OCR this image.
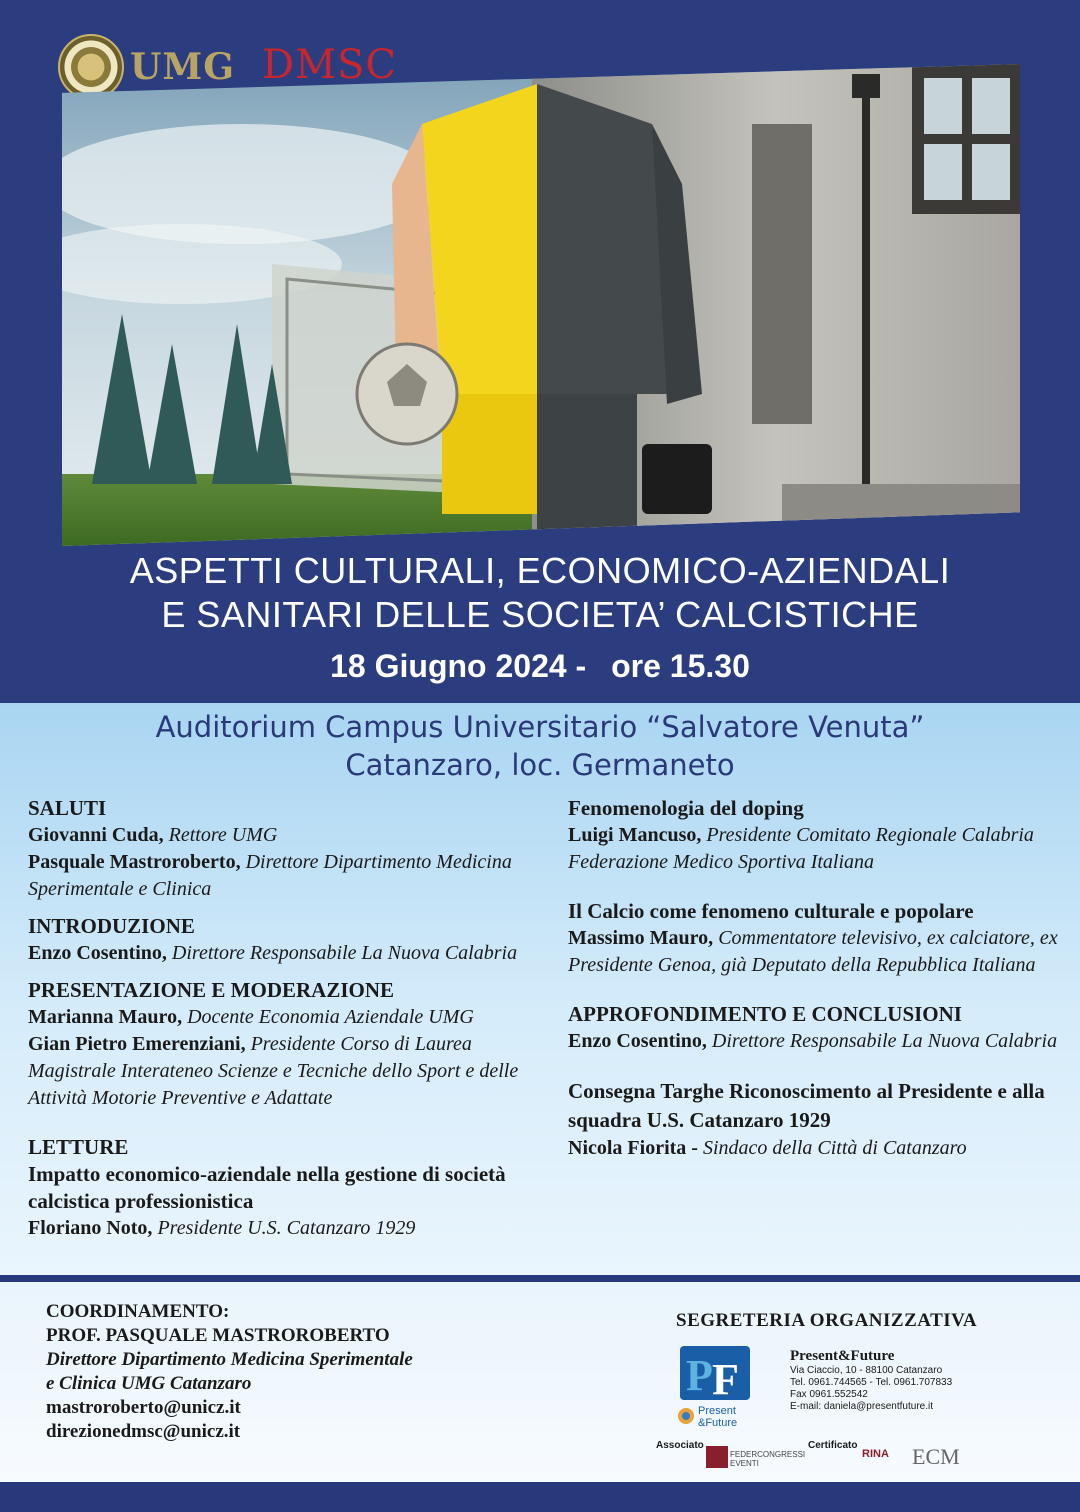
UMG DMSC
ASPETTI CULTURALI, ECONOMICO-AZIENDALI
E SANITARI DELLE SOCIETA’ CALCISTICHE
18 Giugno 2024 - ore 15.30
Auditorium Campus Universitario “Salvatore Venuta”
Catanzaro, loc. Germaneto
SALUTI
Giovanni Cuda, Rettore UMG
Pasquale Mastroroberto, Direttore Dipartimento Medicina Sperimentale e Clinica
INTRODUZIONE
Enzo Cosentino, Direttore Responsabile La Nuova Calabria
PRESENTAZIONE E MODERAZIONE
Marianna Mauro, Docente Economia Aziendale UMG
Gian Pietro Emerenziani, Presidente Corso di Laurea Magistrale Interateneo Scienze e Tecniche dello Sport e delle Attività Motorie Preventive e Adattate
LETTURE
Impatto economico-aziendale nella gestione di società calcistica professionistica
Floriano Noto, Presidente U.S. Catanzaro 1929
Fenomenologia del doping
Luigi Mancuso, Presidente Comitato Regionale Calabria Federazione Medico Sportiva Italiana
Il Calcio come fenomeno culturale e popolare
Massimo Mauro, Commentatore televisivo, ex calciatore, ex Presidente Genoa, già Deputato della Repubblica Italiana
APPROFONDIMENTO E CONCLUSIONI
Enzo Cosentino, Direttore Responsabile La Nuova Calabria
Consegna Targhe Riconoscimento al Presidente e alla squadra U.S. Catanzaro 1929
Nicola Fiorita - Sindaco della Città di Catanzaro
COORDINAMENTO:
PROF. PASQUALE MASTROROBERTO
Direttore Dipartimento Medicina Sperimentale
e Clinica UMG Catanzaro
mastroroberto@unicz.it
direzionedmsc@unicz.it
SEGRETERIA ORGANIZZATIVA
P F
Present
&Future
Present&Future
Via Ciaccio, 10 - 88100 Catanzaro
Tel. 0961.744565 - Tel. 0961.707833
Fax 0961.552542
E-mail: daniela@presentfuture.it
Associato
FEDERCONGRESSI EVENTI
Certificato
RINA ECM
